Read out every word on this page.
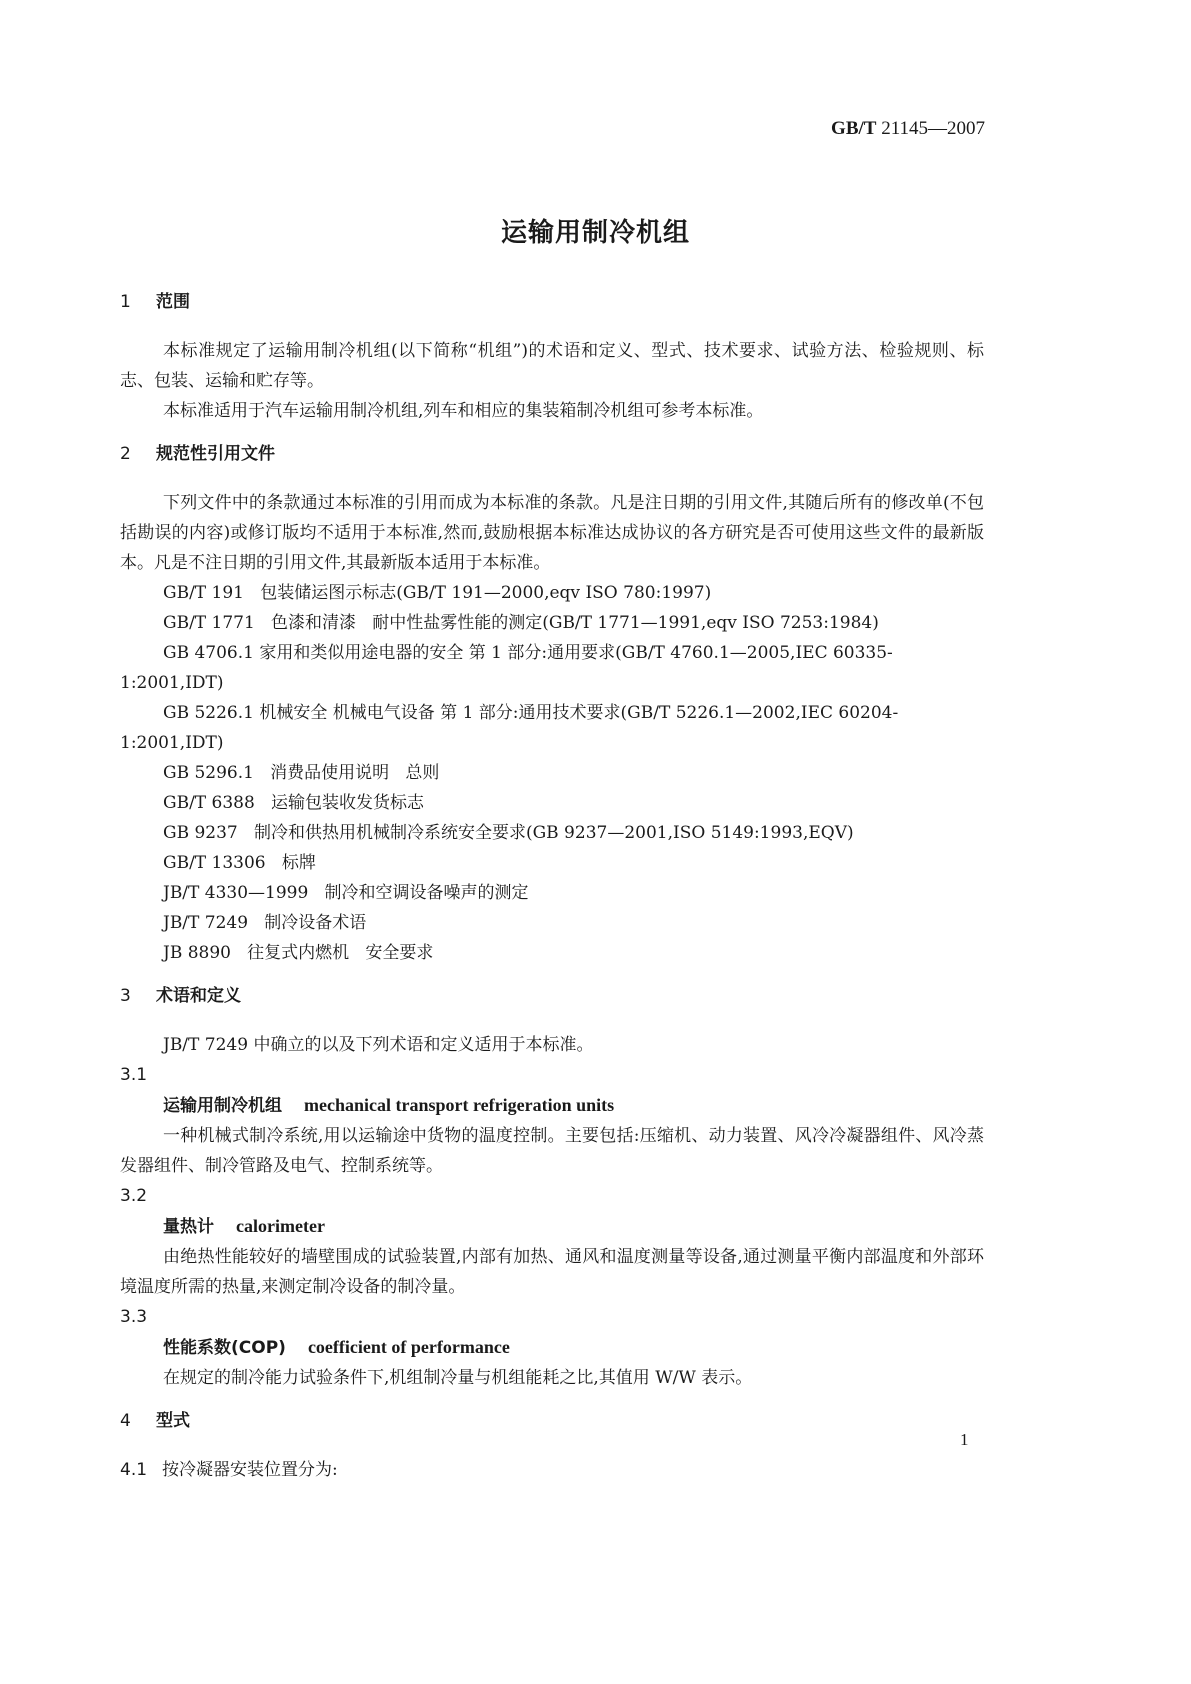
GB/T 21145—2007
运输用制冷机组
1 范围

本标准规定了运输用制冷机组(以下简称“机组”)的术语和定义、型式、技术要求、试验方法、检验规则、标志、包装、运输和贮存等。

本标准适用于汽车运输用制冷机组,列车和相应的集装箱制冷机组可参考本标准。

2 规范性引用文件

下列文件中的条款通过本标准的引用而成为本标准的条款。凡是注日期的引用文件,其随后所有的修改单(不包括勘误的内容)或修订版均不适用于本标准,然而,鼓励根据本标准达成协议的各方研究是否可使用这些文件的最新版本。凡是不注日期的引用文件,其最新版本适用于本标准。

GB/T 191   包装储运图示标志(GB/T 191—2000,eqv ISO 780:1997)

GB/T 1771   色漆和清漆   耐中性盐雾性能的测定(GB/T 1771—1991,eqv ISO 7253:1984)

GB 4706.1 家用和类似用途电器的安全 第 1 部分:通用要求(GB/T 4760.1—2005,IEC 60335-1:2001,IDT)

GB 5226.1 机械安全 机械电气设备 第 1 部分:通用技术要求(GB/T 5226.1—2002,IEC 60204-1:2001,IDT)

GB 5296.1   消费品使用说明   总则

GB/T 6388   运输包装收发货标志

GB 9237   制冷和供热用机械制冷系统安全要求(GB 9237—2001,ISO 5149:1993,EQV)

GB/T 13306   标牌

JB/T 4330—1999   制冷和空调设备噪声的测定

JB/T 7249   制冷设备术语

JB 8890   往复式内燃机   安全要求

3 术语和定义

JB/T 7249 中确立的以及下列术语和定义适用于本标准。

3.1

运输用制冷机组 mechanical transport refrigeration units

一种机械式制冷系统,用以运输途中货物的温度控制。主要包括:压缩机、动力装置、风冷冷凝器组件、风冷蒸发器组件、制冷管路及电气、控制系统等。

3.2

量热计 calorimeter

由绝热性能较好的墙壁围成的试验装置,内部有加热、通风和温度测量等设备,通过测量平衡内部温度和外部环境温度所需的热量,来测定制冷设备的制冷量。

3.3

性能系数(COP) coefficient of performance

在规定的制冷能力试验条件下,机组制冷量与机组能耗之比,其值用 W/W 表示。

4 型式

4.1 按冷凝器安装位置分为:

1
